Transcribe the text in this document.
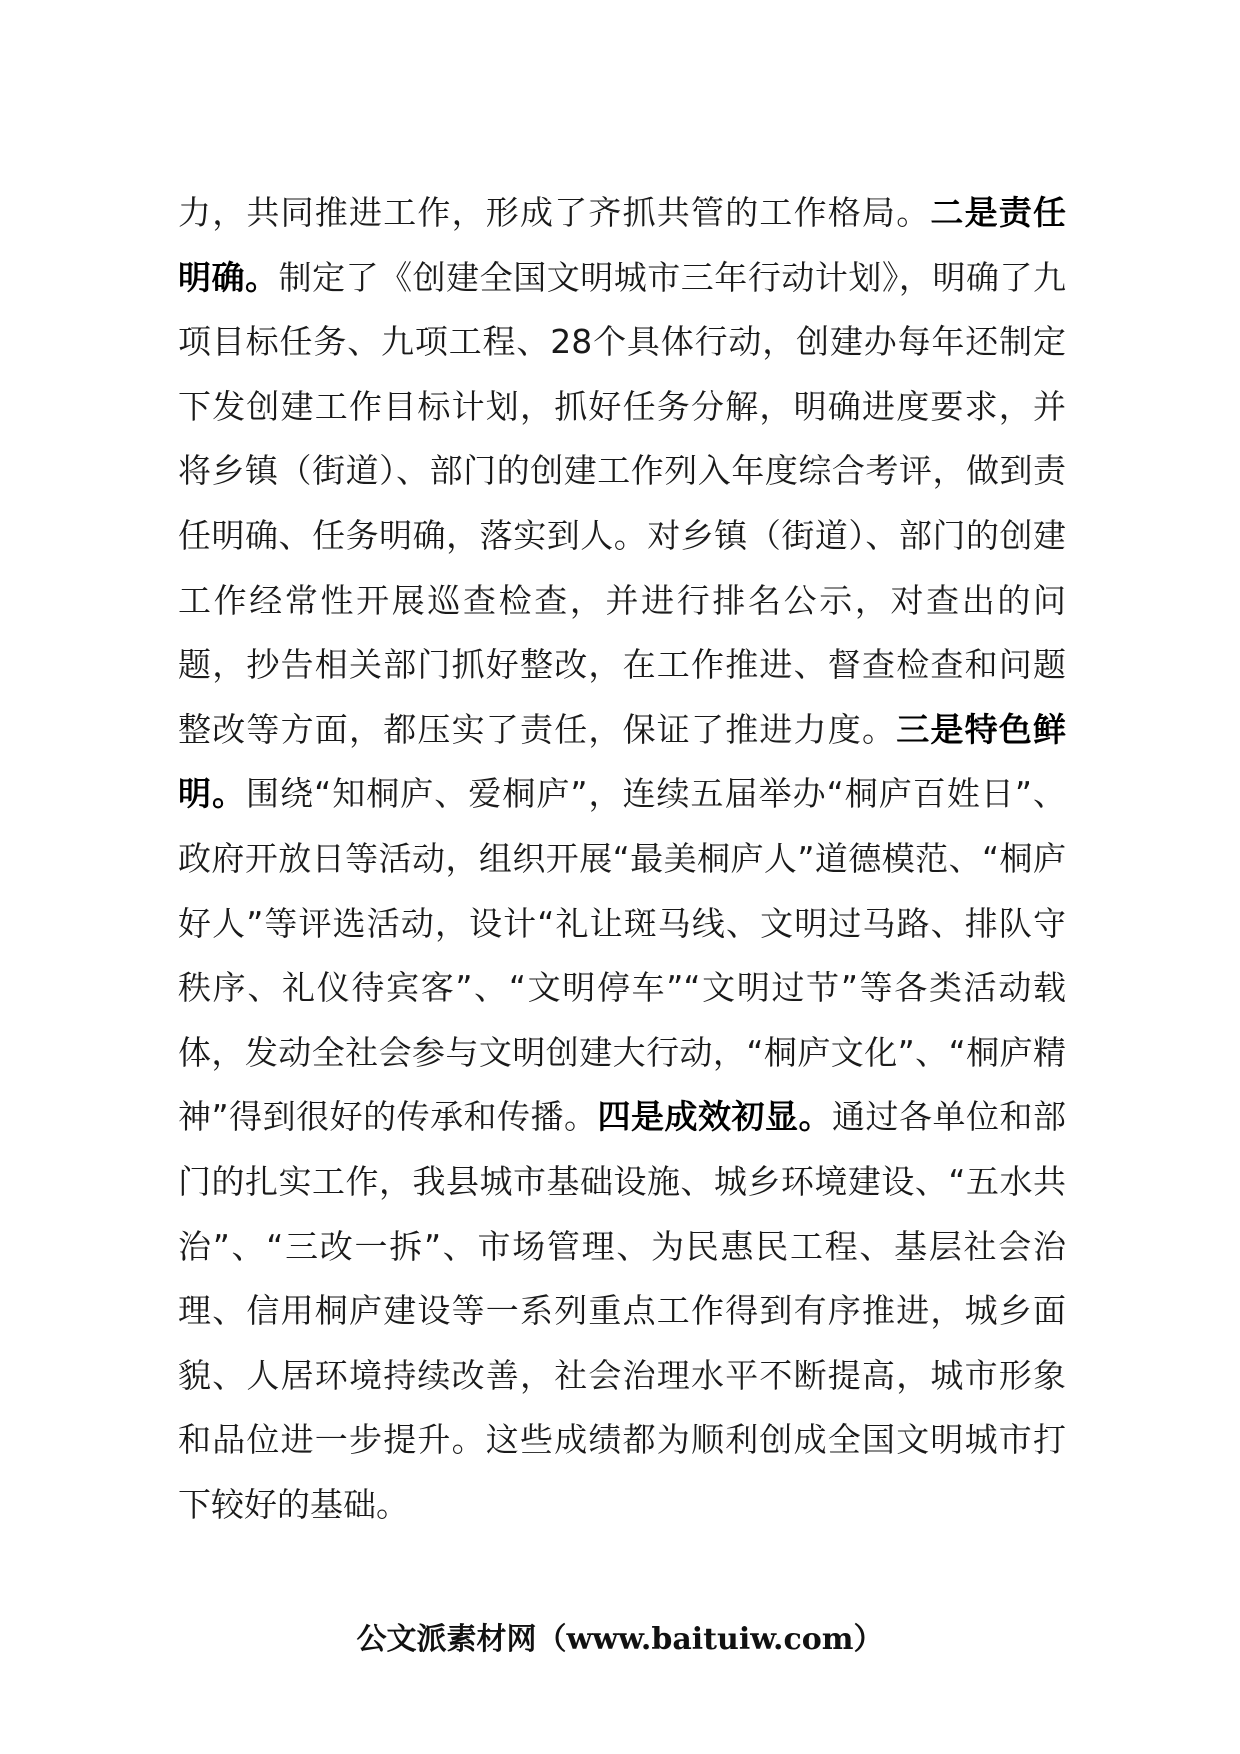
力，共同推进工作，形成了齐抓共管的工作格局。二是责任明确。制定了《创建全国文明城市三年行动计划》，明确了九项目标任务、九项工程、28个具体行动，创建办每年还制定下发创建工作目标计划，抓好任务分解，明确进度要求，并将乡镇（街道）、部门的创建工作列入年度综合考评，做到责任明确、任务明确，落实到人。对乡镇（街道）、部门的创建工作经常性开展巡查检查，并进行排名公示，对查出的问题，抄告相关部门抓好整改，在工作推进、督查检查和问题整改等方面，都压实了责任，保证了推进力度。三是特色鲜明。围绕“知桐庐、爱桐庐”，连续五届举办“桐庐百姓日”、政府开放日等活动，组织开展“最美桐庐人”道德模范、“桐庐好人”等评选活动，设计“礼让斑马线、文明过马路、排队守秩序、礼仪待宾客”、“文明停车”“文明过节”等各类活动载体，发动全社会参与文明创建大行动，“桐庐文化”、“桐庐精神”得到很好的传承和传播。四是成效初显。通过各单位和部门的扎实工作，我县城市基础设施、城乡环境建设、“五水共治”、“三改一拆”、市场管理、为民惠民工程、基层社会治理、信用桐庐建设等一系列重点工作得到有序推进，城乡面貌、人居环境持续改善，社会治理水平不断提高，城市形象和品位进一步提升。这些成绩都为顺利创成全国文明城市打下较好的基础。

公文派素材网（www.baituiw.com）
